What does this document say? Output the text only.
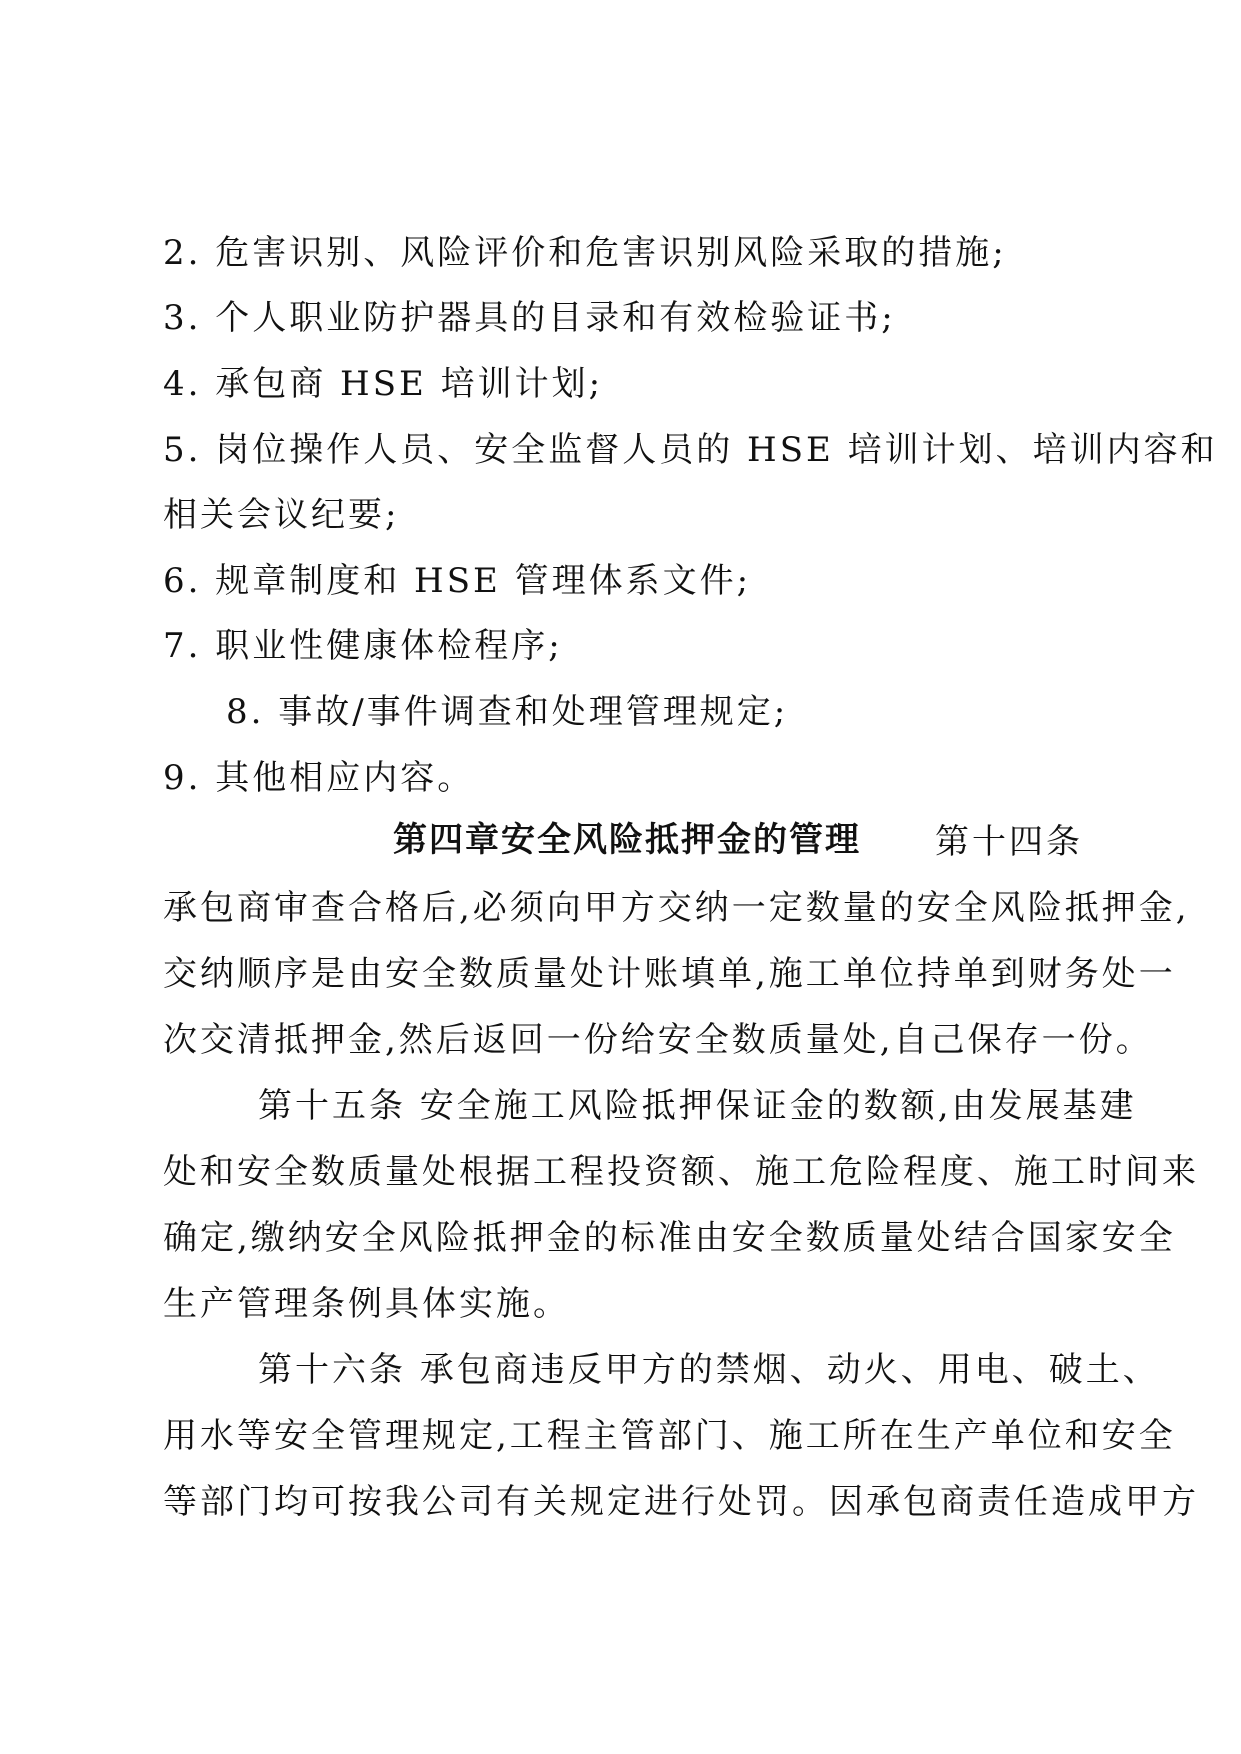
2. 危害识别、风险评价和危害识别风险采取的措施;
3. 个人职业防护器具的目录和有效检验证书;
4. 承包商 HSE 培训计划;
5. 岗位操作人员、安全监督人员的 HSE 培训计划、培训内容和
相关会议纪要;
6. 规章制度和 HSE 管理体系文件;
7. 职业性健康体检程序;
8. 事故/事件调查和处理管理规定;
9. 其他相应内容。
第四章安全风险抵押金的管理 第十四条
承包商审查合格后,必须向甲方交纳一定数量的安全风险抵押金,
交纳顺序是由安全数质量处计账填单,施工单位持单到财务处一
次交清抵押金,然后返回一份给安全数质量处,自己保存一份。
第十五条 安全施工风险抵押保证金的数额,由发展基建
处和安全数质量处根据工程投资额、施工危险程度、施工时间来
确定,缴纳安全风险抵押金的标准由安全数质量处结合国家安全
生产管理条例具体实施。
第十六条 承包商违反甲方的禁烟、动火、用电、破土、
用水等安全管理规定,工程主管部门、施工所在生产单位和安全
等部门均可按我公司有关规定进行处罚。因承包商责任造成甲方
